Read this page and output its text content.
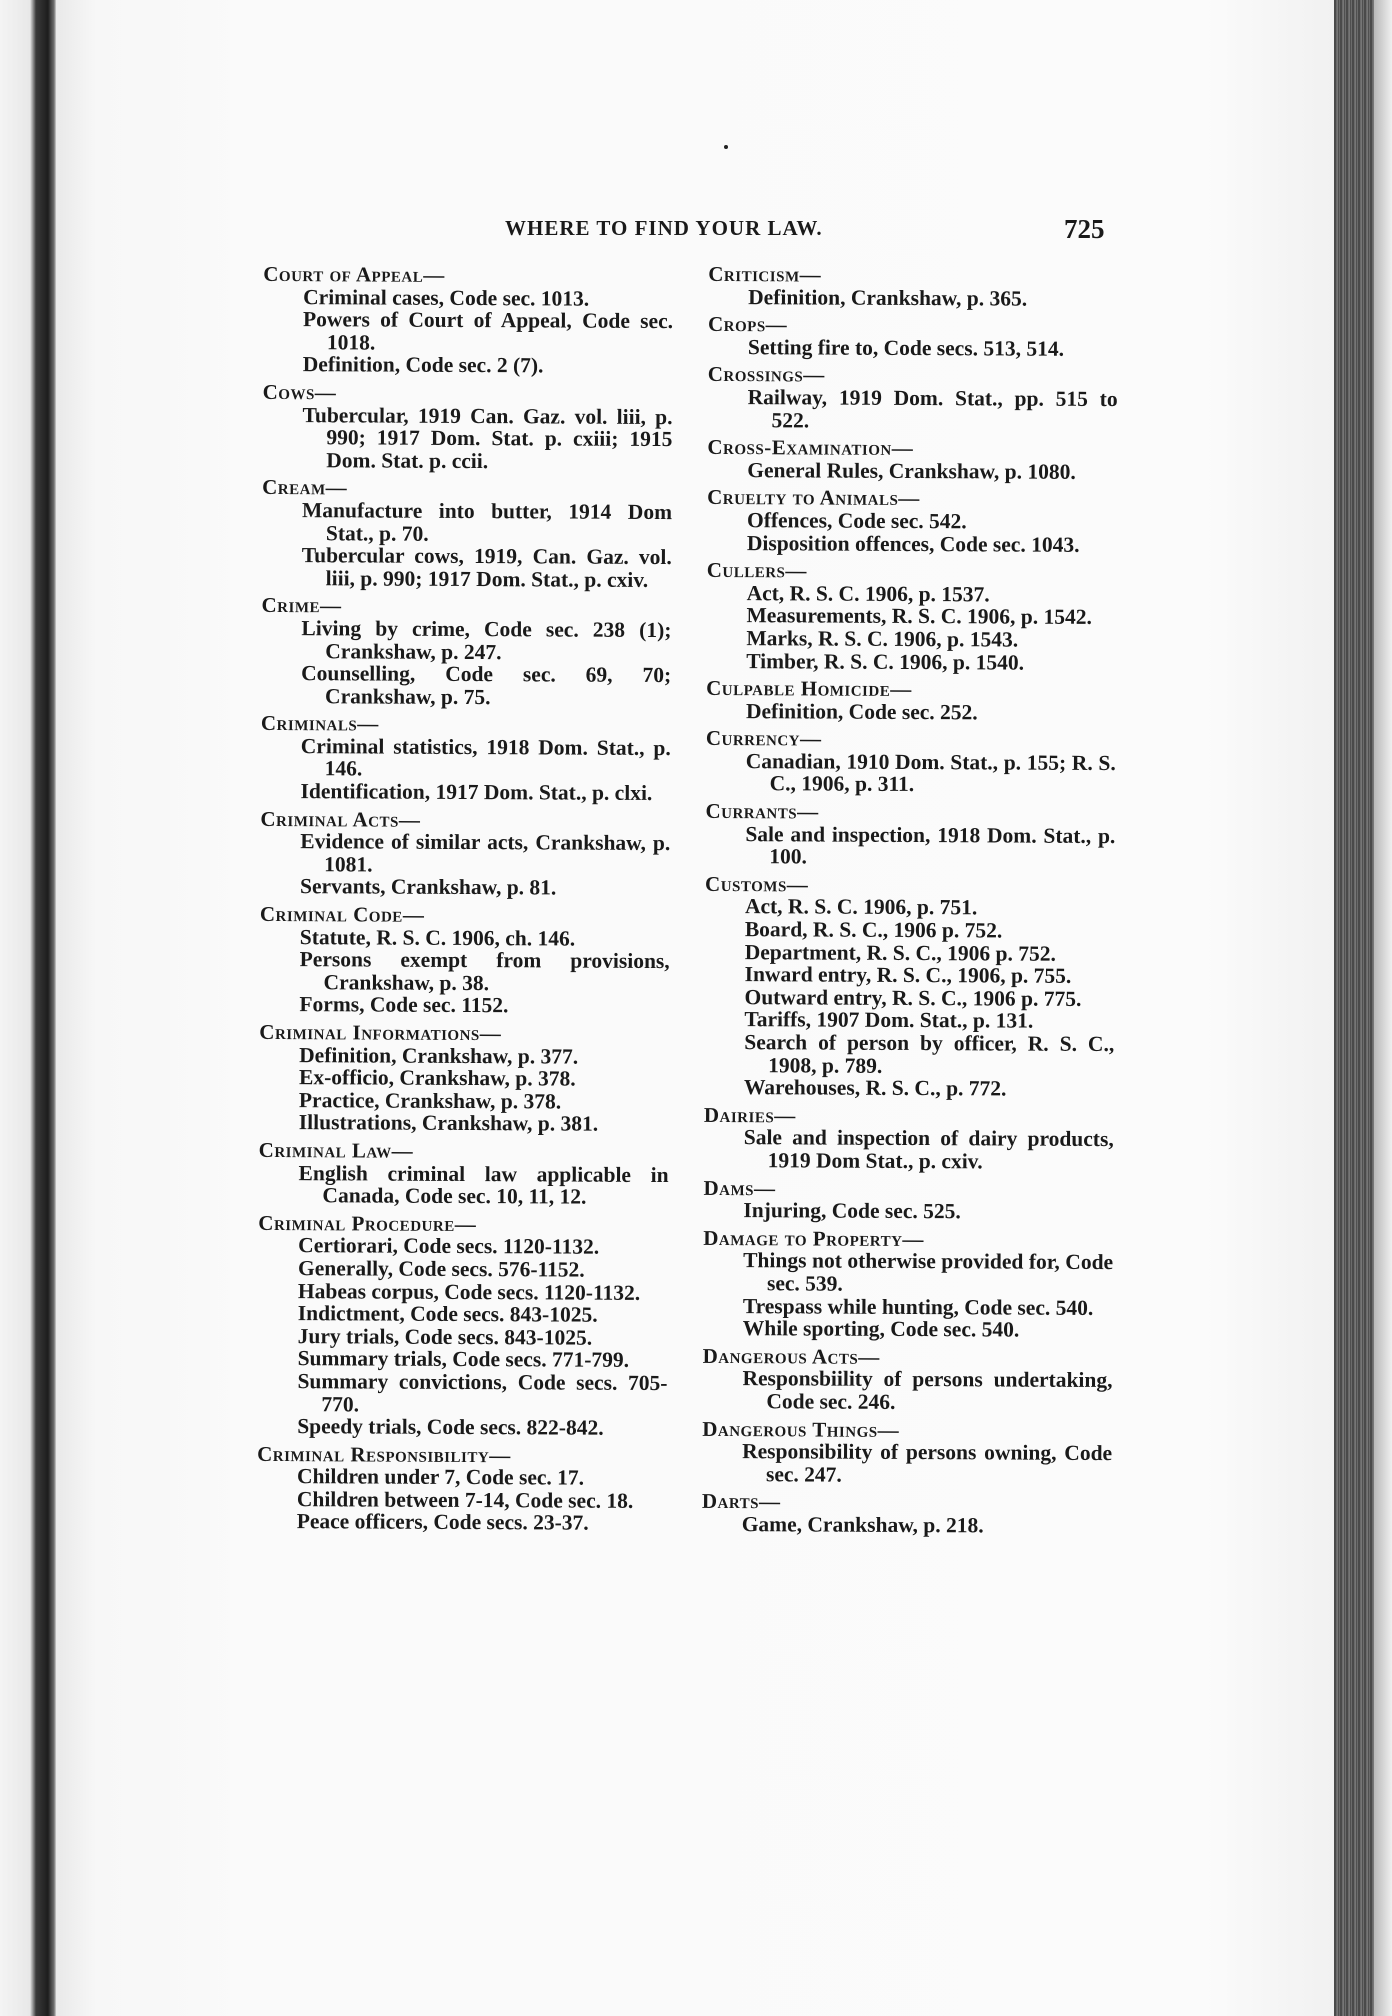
WHERE TO FIND YOUR LAW.	725
Court of Appeal—
Criminal cases, Code sec. 1013.
Powers of Court of Appeal, Code sec. 1018.
Definition, Code sec. 2 (7).
Cows—
Tubercular, 1919 Can. Gaz. vol. liii, p. 990; 1917 Dom. Stat. p. cxiii; 1915 Dom. Stat. p. ccii.
Cream—
Manufacture into butter, 1914 Dom Stat., p. 70.
Tubercular cows, 1919, Can. Gaz. vol. liii, p. 990; 1917 Dom. Stat., p. cxiv.
Crime—
Living by crime, Code sec. 238 (1); Crankshaw, p. 247.
Counselling, Code sec. 69, 70; Crankshaw, p. 75.
Criminals—
Criminal statistics, 1918 Dom. Stat., p. 146.
Identification, 1917 Dom. Stat., p. clxi.
Criminal Acts—
Evidence of similar acts, Crankshaw, p. 1081.
Servants, Crankshaw, p. 81.
Criminal Code—
Statute, R. S. C. 1906, ch. 146.
Persons exempt from provisions, Crankshaw, p. 38.
Forms, Code sec. 1152.
Criminal Informations—
Definition, Crankshaw, p. 377.
Ex-officio, Crankshaw, p. 378.
Practice, Crankshaw, p. 378.
Illustrations, Crankshaw, p. 381.
Criminal Law—
English criminal law applicable in Canada, Code sec. 10, 11, 12.
Criminal Procedure—
Certiorari, Code secs. 1120-1132.
Generally, Code secs. 576-1152.
Habeas corpus, Code secs. 1120-1132.
Indictment, Code secs. 843-1025.
Jury trials, Code secs. 843-1025.
Summary trials, Code secs. 771-799.
Summary convictions, Code secs. 705-770.
Speedy trials, Code secs. 822-842.
Criminal Responsibility—
Children under 7, Code sec. 17.
Children between 7-14, Code sec. 18.
Peace officers, Code secs. 23-37.
Criticism—
Definition, Crankshaw, p. 365.
Crops—
Setting fire to, Code secs. 513, 514.
Crossings—
Railway, 1919 Dom. Stat., pp. 515 to 522.
Cross-Examination—
General Rules, Crankshaw, p. 1080.
Cruelty to Animals—
Offences, Code sec. 542.
Disposition offences, Code sec. 1043.
Cullers—
Act, R. S. C. 1906, p. 1537.
Measurements, R. S. C. 1906, p. 1542.
Marks, R. S. C. 1906, p. 1543.
Timber, R. S. C. 1906, p. 1540.
Culpable Homicide—
Definition, Code sec. 252.
Currency—
Canadian, 1910 Dom. Stat., p. 155; R. S. C., 1906, p. 311.
Currants—
Sale and inspection, 1918 Dom. Stat., p. 100.
Customs—
Act, R. S. C. 1906, p. 751.
Board, R. S. C., 1906 p. 752.
Department, R. S. C., 1906 p. 752.
Inward entry, R. S. C., 1906, p. 755.
Outward entry, R. S. C., 1906 p. 775.
Tariffs, 1907 Dom. Stat., p. 131.
Search of person by officer, R. S. C., 1908, p. 789.
Warehouses, R. S. C., p. 772.
Dairies—
Sale and inspection of dairy products, 1919 Dom Stat., p. cxiv.
Dams—
Injuring, Code sec. 525.
Damage to Property—
Things not otherwise provided for, Code sec. 539.
Trespass while hunting, Code sec. 540.
While sporting, Code sec. 540.
Dangerous Acts—
Responsbiility of persons undertaking, Code sec. 246.
Dangerous Things—
Responsibility of persons owning, Code sec. 247.
Darts—
Game, Crankshaw, p. 218.
